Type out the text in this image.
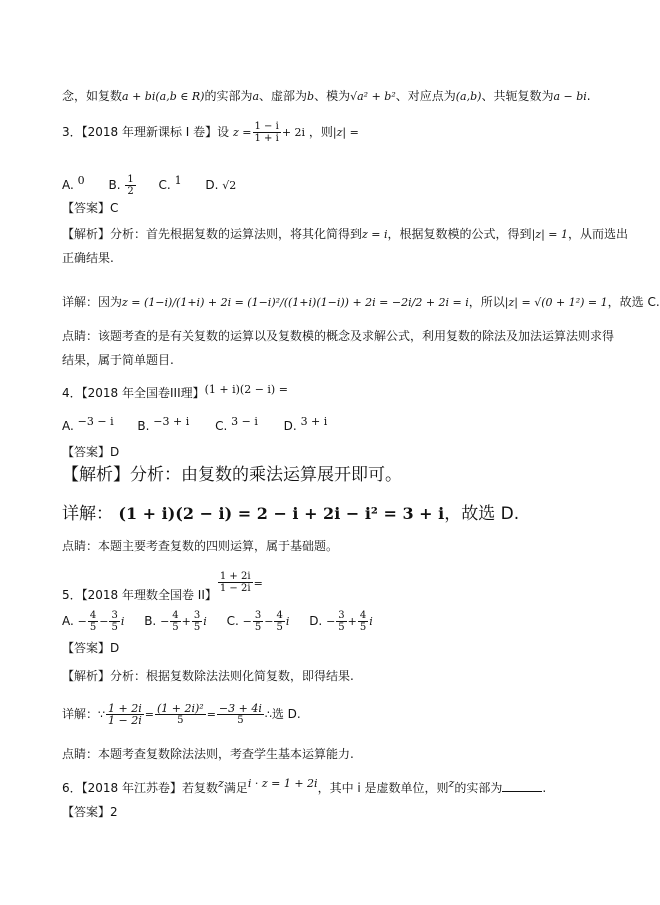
念，如复数a + bi(a,b ∈ R)的实部为a、虚部为b、模为√a² + b²、对应点为(a,b)、共轭复数为a − bi.
3．【2018 年理新课标 I 卷】设 $z = \frac{1 - i}{1 + i} + 2i$ ，则|z| =
A. $^0$ B. $\frac{1}{2} C$. $^1$ D. √2
【答案】C
【解析】分析：首先根据复数的运算法则，将其化简得到z = i，根据复数模的公式，得到|z| = 1，从而选出
正确结果.
详解：因为z = (1−i)/(1+i) + 2i = (1−i)²/((1+i)(1−i)) + 2i = −2i/2 + 2i = i，所以|z| = √(0 + 1²) = 1，故选 C.
点睛：该题考查的是有关复数的运算以及复数模的概念及求解公式，利用复数的除法及加法运算法则求得
结果，属于简单题目.
4．【2018 年全国卷III理】(1 + i)(2 − i) =
A. $^{-3 - i}$ B. $^{-3 + i}$ C. $^{3 - i}$ D. $^{3 + i}$
【答案】D
【解析】分析：由复数的乘法运算展开即可。
详解： (1 + i)(2 − i) = 2 − i + 2i − i² = 3 + i，故选 D.
点睛：本题主要考查复数的四则运算，属于基础题。
5．【2018 年理数全国卷 II】
$\frac{1 + 2i}{1 - 2i}$ =
A. − $\frac{4}{5} - \frac{3}{5}$ i B. − $\frac{4}{5} + \frac{3}{5}$ i C. − $\frac{3}{5} - \frac{4}{5}$ i D. − $\frac{3}{5} + \frac{4}{5}$ i
【答案】D
【解析】分析：根据复数除法法则化简复数，即得结果.
详解：∵ $\frac{1 + 2i}{1 - 2i} = \frac{\text{(1 + 2i)²}}{5} = \frac{-3 + 4i}{5}$ ∴选 D.
点睛：本题考查复数除法法则，考查学生基本运算能力.
6．【2018 年江苏卷】若复数$^z$满足$^{i \cdot z = 1 + 2i}$，其中 i 是虚数单位，则$^z$的实部为	.
【答案】2
